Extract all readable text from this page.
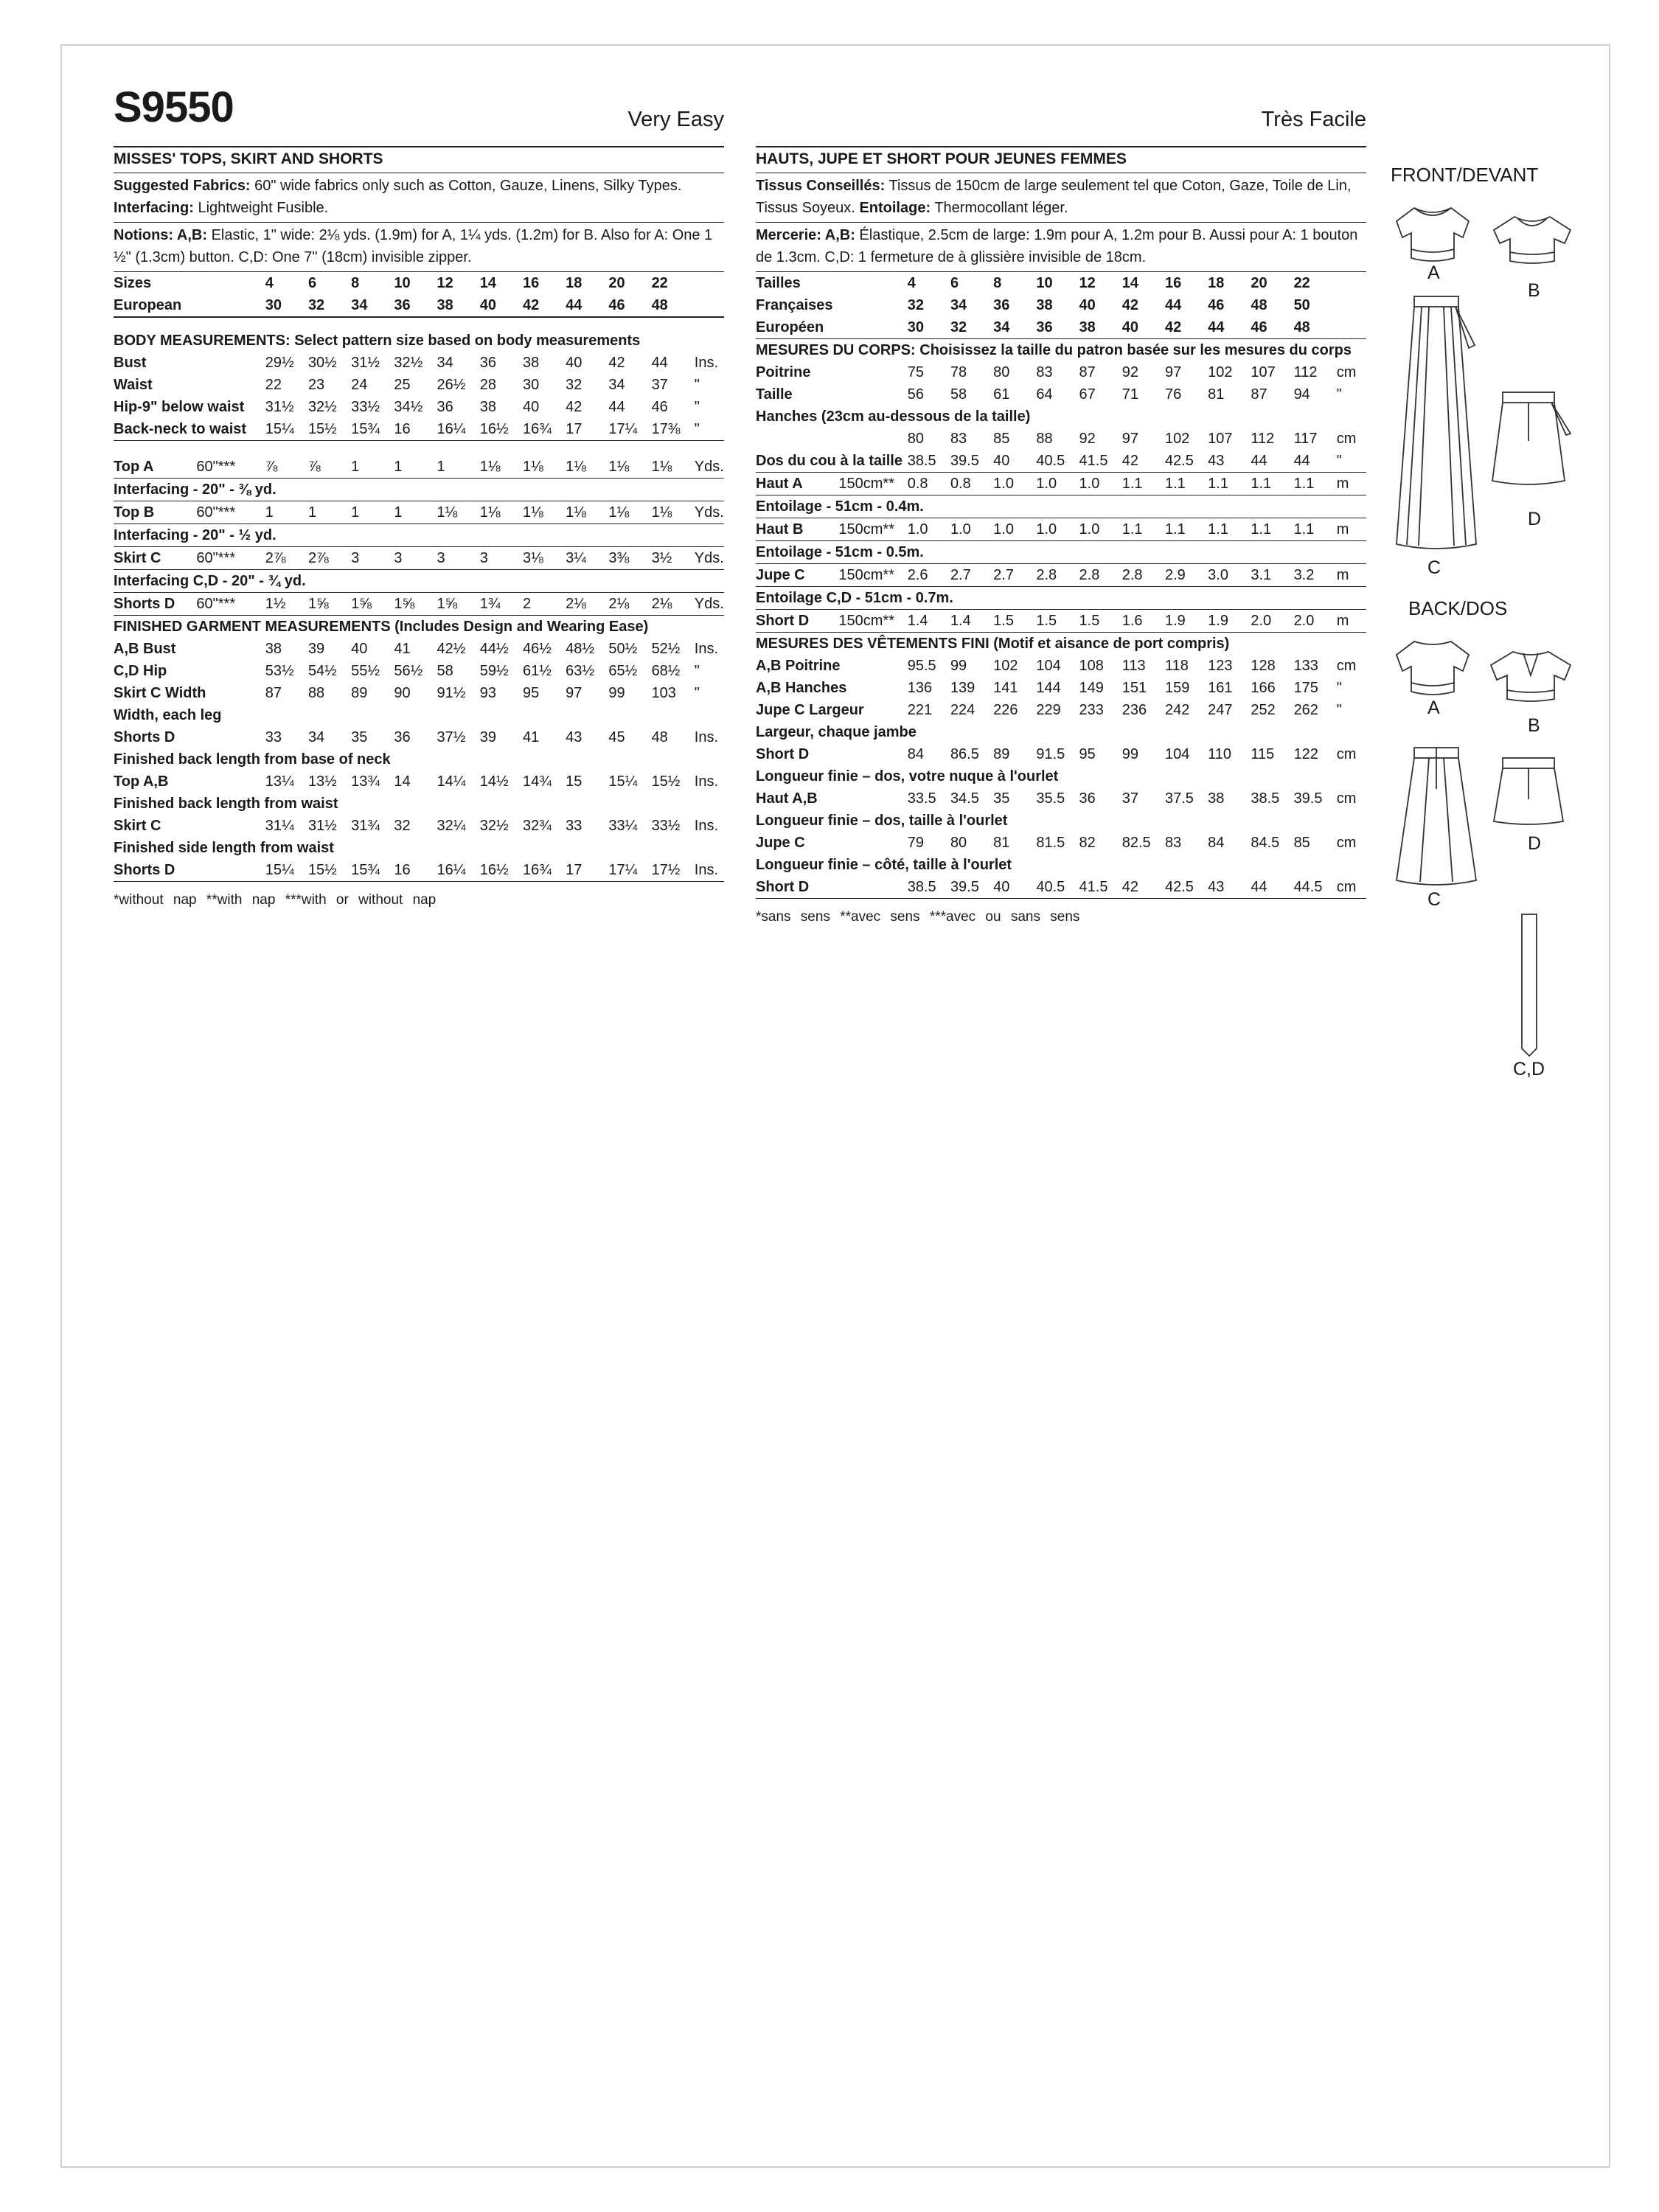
S9550	Very Easy
MISSES' TOPS, SKIRT AND SHORTS
Suggested Fabrics: 60" wide fabrics only such as Cotton, Gauze, Linens, Silky Types.
Interfacing: Lightweight Fusible.
Notions: A,B: Elastic, 1" wide: 2⅛ yds. (1.9m) for A, 1¼ yds. (1.2m) for B. Also for A: One 1
½" (1.3cm) button. C,D: One 7" (18cm) invisible zipper.
Sizes		4	6	8	10	12	14	16	18	20	22	
European		30	32	34	36	38	40	42	44	46	48	
BODY MEASUREMENTS: Select pattern size based on body measurements
Bust		29½	30½	31½	32½	34	36	38	40	42	44	Ins.
Waist		22	23	24	25	26½	28	30	32	34	37	"
Hip-9" below waist		31½	32½	33½	34½	36	38	40	42	44	46	"
Back-neck to waist		15¼	15½	15¾	16	16¼	16½	16¾	17	17¼	17⅜	"
Top A	60"***	⅞	⅞	1	1	1	1⅛	1⅛	1⅛	1⅛	1⅛	Yds.
Interfacing - 20" - ⅜ yd.
Top B	60"***	1	1	1	1	1⅛	1⅛	1⅛	1⅛	1⅛	1⅛	Yds.
Interfacing - 20" - ½ yd.
Skirt C	60"***	2⅞	2⅞	3	3	3	3	3⅛	3¼	3⅜	3½	Yds.
Interfacing C,D - 20" - ¾ yd.
Shorts D	60"***	1½	1⅝	1⅝	1⅝	1⅝	1¾	2	2⅛	2⅛	2⅛	Yds.
FINISHED GARMENT MEASUREMENTS (Includes Design and Wearing Ease)
A,B Bust		38	39	40	41	42½	44½	46½	48½	50½	52½	Ins.
C,D Hip		53½	54½	55½	56½	58	59½	61½	63½	65½	68½	"
Skirt C Width		87	88	89	90	91½	93	95	97	99	103	"
Width, each leg											
Shorts D		33	34	35	36	37½	39	41	43	45	48	Ins.
Finished back length from base of neck											
Top A,B		13¼	13½	13¾	14	14¼	14½	14¾	15	15¼	15½	Ins.
Finished back length from waist											
Skirt C		31¼	31½	31¾	32	32¼	32½	32¾	33	33¼	33½	Ins.
Finished side length from waist											
Shorts D		15¼	15½	15¾	16	16¼	16½	16¾	17	17¼	17½	Ins.
*without nap **with nap ***with or without nap
Très Facile
HAUTS, JUPE ET SHORT POUR JEUNES FEMMES
Tissus Conseillés: Tissus de 150cm de large seulement tel que Coton, Gaze, Toile de Lin,
Tissus Soyeux. Entoilage: Thermocollant léger.
Mercerie: A,B: Élastique, 2.5cm de large: 1.9m pour A, 1.2m pour B. Aussi pour A: 1 bouton
de 1.3cm. C,D: 1 fermeture de à glissière invisible de 18cm.
Tailles		4	6	8	10	12	14	16	18	20	22	
Françaises		32	34	36	38	40	42	44	46	48	50	
Européen		30	32	34	36	38	40	42	44	46	48	
MESURES DU CORPS: Choisissez la taille du patron basée sur les mesures du corps
Poitrine		75	78	80	83	87	92	97	102	107	112	cm
Taille		56	58	61	64	67	71	76	81	87	94	"
Hanches (23cm au-dessous de la taille)											
		80	83	85	88	92	97	102	107	112	117	cm
Dos du cou à la taille		38.5	39.5	40	40.5	41.5	42	42.5	43	44	44	"
Haut A	150cm**	0.8	0.8	1.0	1.0	1.0	1.1	1.1	1.1	1.1	1.1	m
Entoilage - 51cm - 0.4m.
Haut B	150cm**	1.0	1.0	1.0	1.0	1.0	1.1	1.1	1.1	1.1	1.1	m
Entoilage - 51cm - 0.5m.
Jupe C	150cm**	2.6	2.7	2.7	2.8	2.8	2.8	2.9	3.0	3.1	3.2	m
Entoilage C,D - 51cm - 0.7m.
Short D	150cm**	1.4	1.4	1.5	1.5	1.5	1.6	1.9	1.9	2.0	2.0	m
MESURES DES VÊTEMENTS FINI (Motif et aisance de port compris)
A,B Poitrine		95.5	99	102	104	108	113	118	123	128	133	cm
A,B Hanches		136	139	141	144	149	151	159	161	166	175	"
Jupe C Largeur		221	224	226	229	233	236	242	247	252	262	"
Largeur, chaque jambe											
Short D		84	86.5	89	91.5	95	99	104	110	115	122	cm
Longueur finie – dos, votre nuque à l'ourlet											
Haut A,B		33.5	34.5	35	35.5	36	37	37.5	38	38.5	39.5	cm
Longueur finie – dos, taille à l'ourlet											
Jupe C		79	80	81	81.5	82	82.5	83	84	84.5	85	cm
Longueur finie – côté, taille à l'ourlet											
Short D		38.5	39.5	40	40.5	41.5	42	42.5	43	44	44.5	cm
*sans sens **avec sens ***avec ou sans sens
FRONT/DEVANT
A
B
C
D
BACK/DOS
A
B
C
D
C,D
